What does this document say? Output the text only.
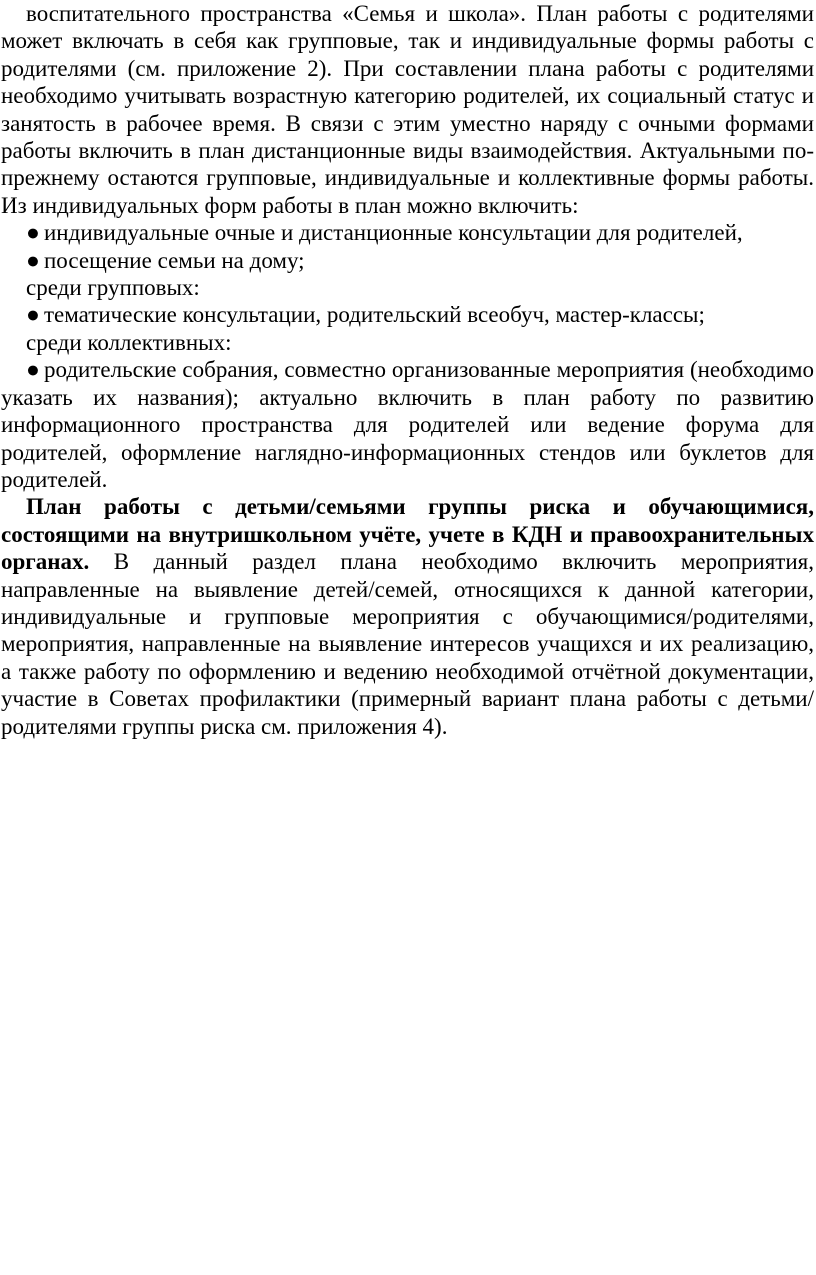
воспитательного пространства «Семья и школа». План работы с родителями может включать в себя как групповые, так и индивидуальные формы работы с родителями (см. приложение 2). При составлении плана работы с родителями необходимо учитывать возрастную категорию родителей, их социальный статус и занятость в рабочее время. В связи с этим уместно наряду с очными формами работы включить в план дистанционные виды взаимодействия. Актуальными по-прежнему остаются групповые, индивидуальные и коллективные формы работы. Из индивидуальных форм работы в план можно включить:

● индивидуальные очные и дистанционные консультации для родителей,

● посещение семьи на дому;

среди групповых:

● тематические консультации, родительский всеобуч, мастер-классы;

среди коллективных:

● родительские собрания, совместно организованные мероприятия (необходимо указать их названия); актуально включить в план работу по развитию информационного пространства для родителей или ведение форума для родителей, оформление наглядно-информационных стендов или буклетов для родителей.

План работы с детьми/семьями группы риска и обучающимися, состоящими на внутришкольном учёте, учете в КДН и правоохранительных органах. В данный раздел плана необходимо включить мероприятия, направленные на выявление детей/семей, относящихся к данной категории, индивидуальные и групповые мероприятия с обучающимися/родителями, мероприятия, направленные на выявление интересов учащихся и их реализацию, а также работу по оформлению и ведению необходимой отчётной документации, участие в Советах профилактики (примерный вариант плана работы с детьми/родителями группы риска см. приложения 4).
